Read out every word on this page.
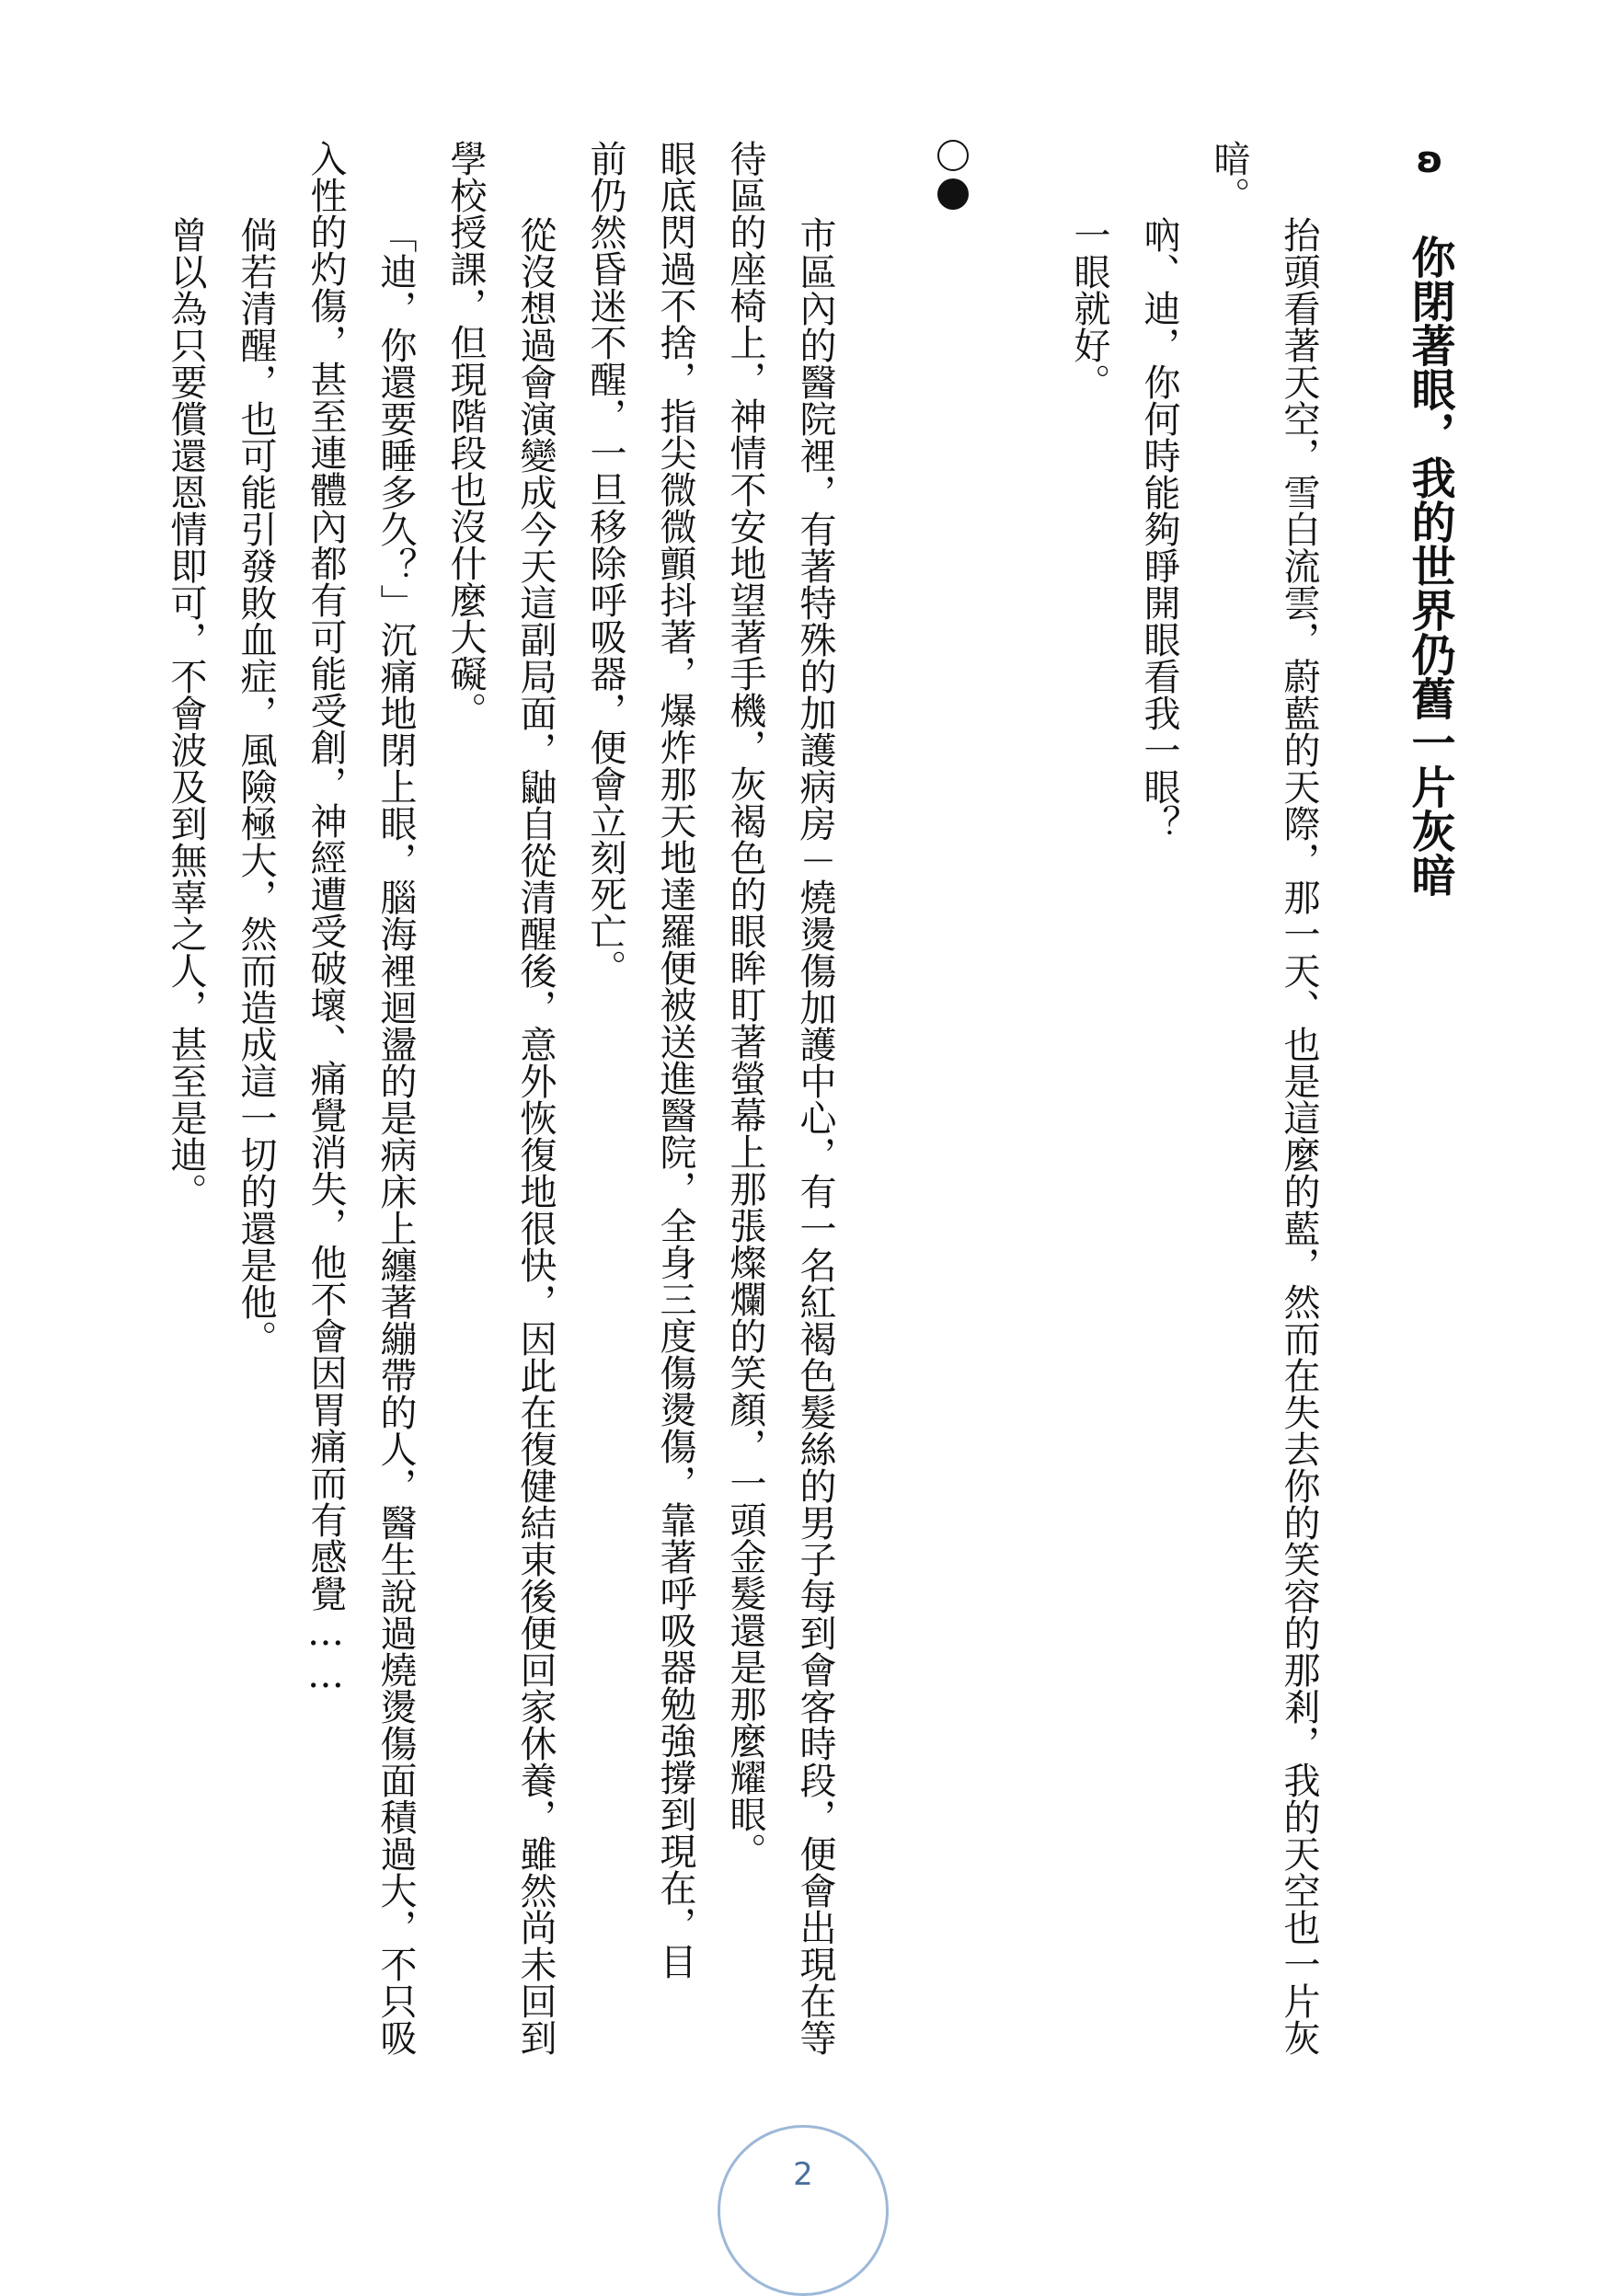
ʚ
你閉著眼，我的世界仍舊一片灰暗
抬頭看著天空，雪白流雲，蔚藍的天際，那一天、也是這麼的藍，然而在失去你的笑容的那剎，我的天空也一片灰
暗。
吶、迪，你何時能夠睜開眼看我一眼？
一眼就好。
市區內的醫院裡，有著特殊的加護病房－燒燙傷加護中心，有一名紅褐色髮絲的男子每到會客時段，便會出現在等
待區的座椅上，神情不安地望著手機，灰褐色的眼眸盯著螢幕上那張燦爛的笑顏，一頭金髮還是那麼耀眼。
眼底閃過不捨，指尖微微顫抖著，爆炸那天地達羅便被送進醫院，全身三度傷燙傷，靠著呼吸器勉強撐到現在，目
前仍然昏迷不醒，一旦移除呼吸器，便會立刻死亡。
從沒想過會演變成今天這副局面，鼬自從清醒後，意外恢復地很快，因此在復健結束後便回家休養，雖然尚未回到
學校授課，但現階段也沒什麼大礙。
「迪，你還要睡多久？」沉痛地閉上眼，腦海裡迴盪的是病床上纏著繃帶的人，醫生說過燒燙傷面積過大，不只吸
入性的灼傷，甚至連體內都有可能受創，神經遭受破壞、痛覺消失，他不會因胃痛而有感覺……
倘若清醒，也可能引發敗血症，風險極大，然而造成這一切的還是他。
曾以為只要償還恩情即可，不會波及到無辜之人，甚至是迪。
2
